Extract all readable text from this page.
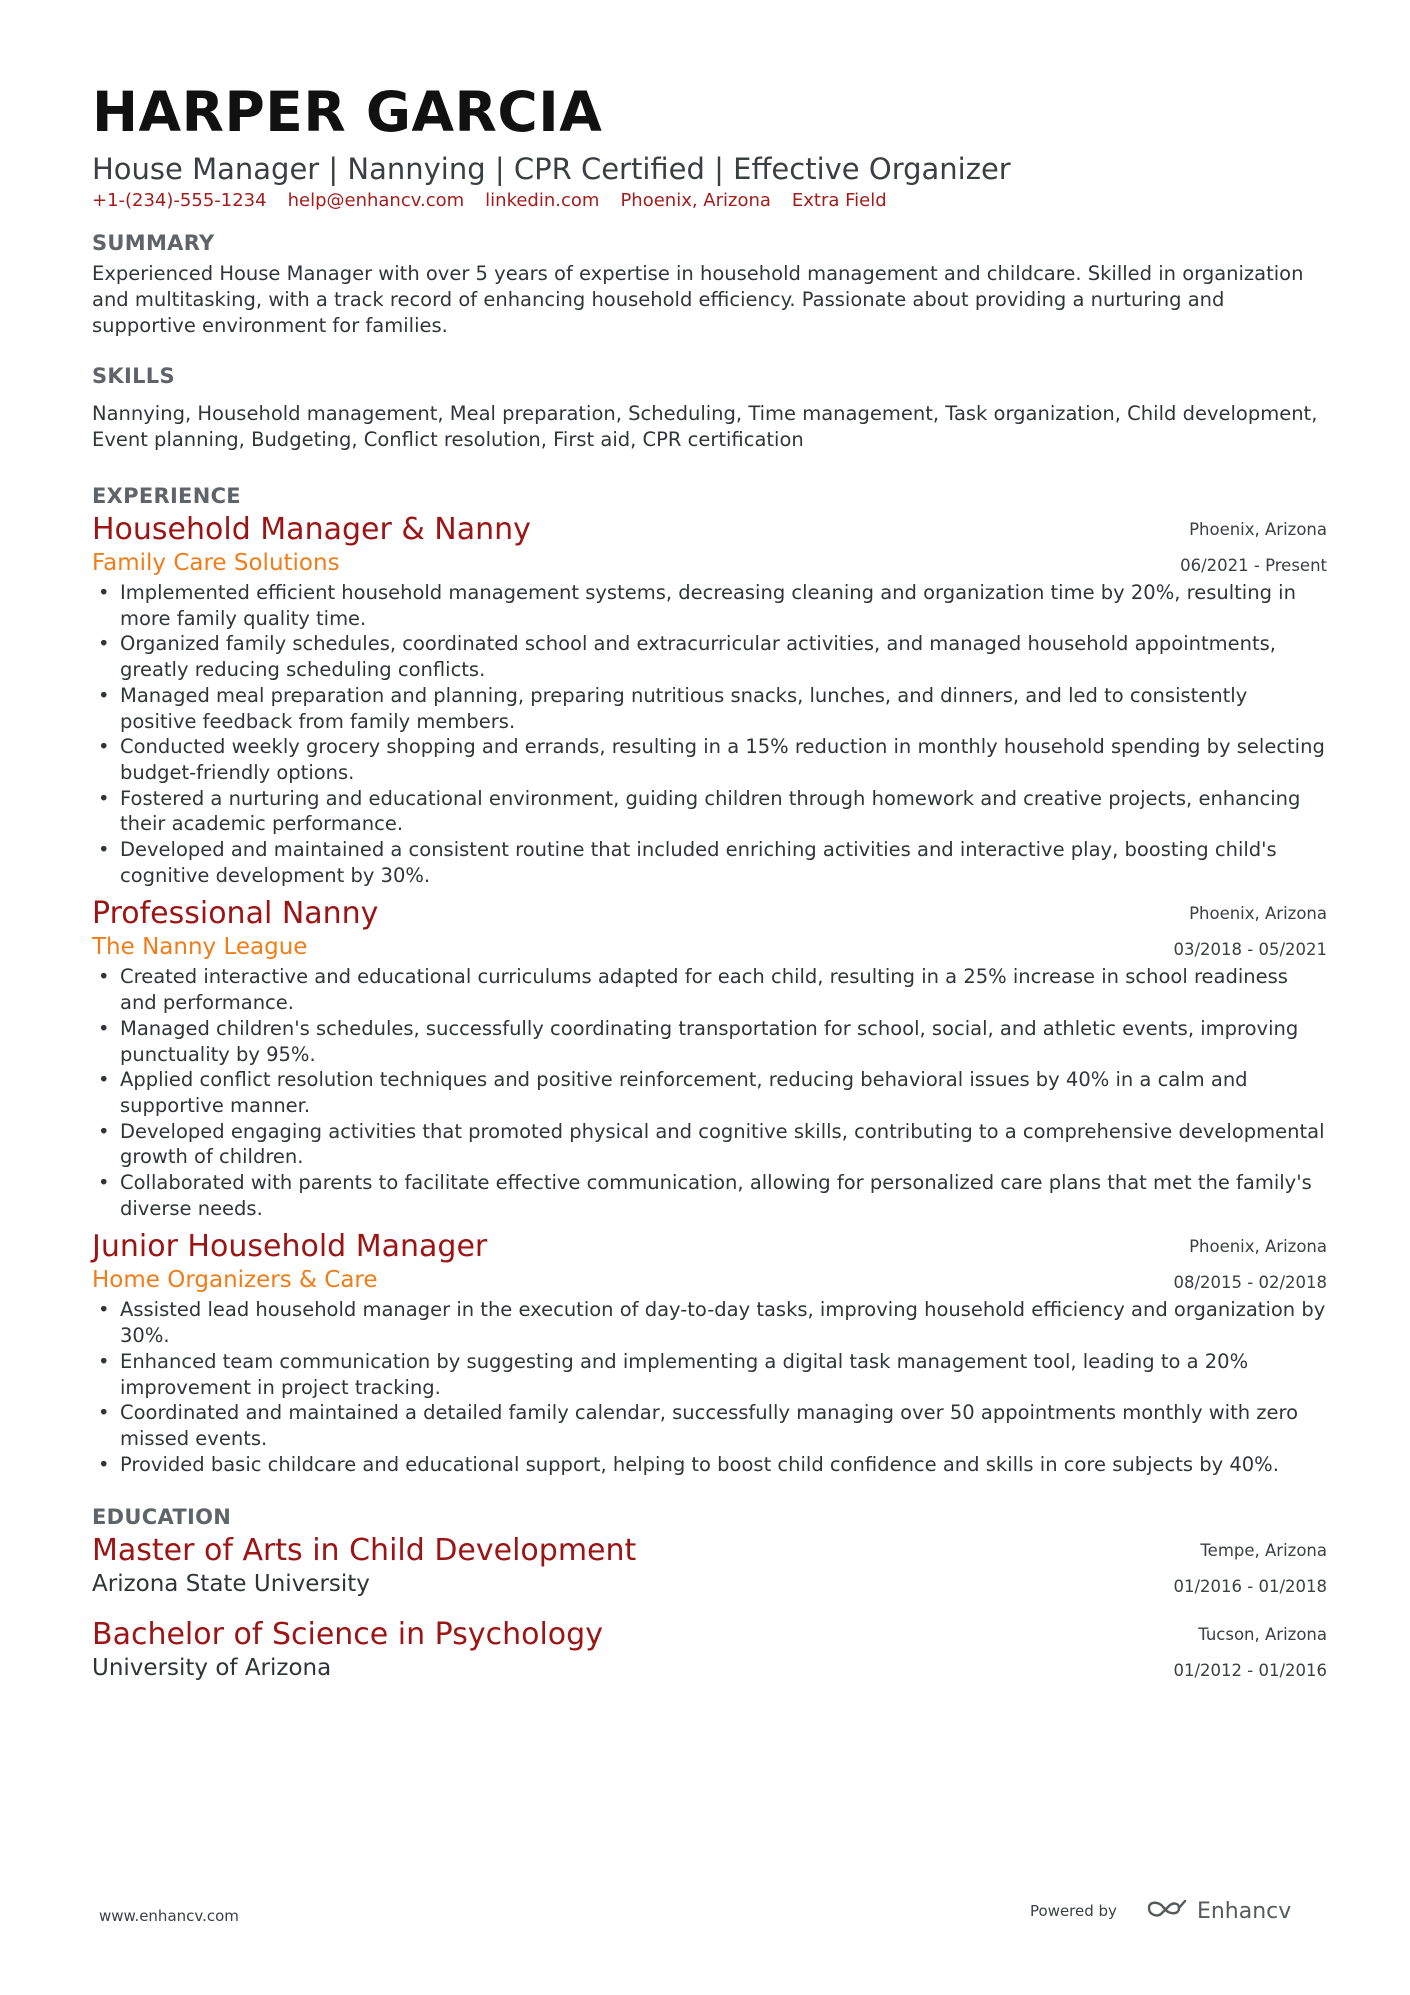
HARPER GARCIA
House Manager | Nannying | CPR Certified | Effective Organizer
+1-(234)-555-1234 help@enhancv.com linkedin.com Phoenix, Arizona Extra Field
SUMMARY
Experienced House Manager with over 5 years of expertise in household management and childcare. Skilled in organization and multitasking, with a track record of enhancing household efficiency. Passionate about providing a nurturing and supportive environment for families.
SKILLS
Nannying, Household management, Meal preparation, Scheduling, Time management, Task organization, Child development, Event planning, Budgeting, Conflict resolution, First aid, CPR certification
EXPERIENCE
Household Manager & Nanny
Family Care Solutions
Phoenix, Arizona
06/2021 - Present
• Implemented efficient household management systems, decreasing cleaning and organization time by 20%, resulting in more family quality time.
• Organized family schedules, coordinated school and extracurricular activities, and managed household appointments, greatly reducing scheduling conflicts.
• Managed meal preparation and planning, preparing nutritious snacks, lunches, and dinners, and led to consistently positive feedback from family members.
• Conducted weekly grocery shopping and errands, resulting in a 15% reduction in monthly household spending by selecting budget-friendly options.
• Fostered a nurturing and educational environment, guiding children through homework and creative projects, enhancing their academic performance.
• Developed and maintained a consistent routine that included enriching activities and interactive play, boosting child's cognitive development by 30%.
Professional Nanny
The Nanny League
Phoenix, Arizona
03/2018 - 05/2021
• Created interactive and educational curriculums adapted for each child, resulting in a 25% increase in school readiness and performance.
• Managed children's schedules, successfully coordinating transportation for school, social, and athletic events, improving punctuality by 95%.
• Applied conflict resolution techniques and positive reinforcement, reducing behavioral issues by 40% in a calm and supportive manner.
• Developed engaging activities that promoted physical and cognitive skills, contributing to a comprehensive developmental growth of children.
• Collaborated with parents to facilitate effective communication, allowing for personalized care plans that met the family's diverse needs.
Junior Household Manager
Home Organizers & Care
Phoenix, Arizona
08/2015 - 02/2018
• Assisted lead household manager in the execution of day-to-day tasks, improving household efficiency and organization by 30%.
• Enhanced team communication by suggesting and implementing a digital task management tool, leading to a 20% improvement in project tracking.
• Coordinated and maintained a detailed family calendar, successfully managing over 50 appointments monthly with zero missed events.
• Provided basic childcare and educational support, helping to boost child confidence and skills in core subjects by 40%.
EDUCATION
Master of Arts in Child Development
Arizona State University
Tempe, Arizona
01/2016 - 01/2018
Bachelor of Science in Psychology
University of Arizona
Tucson, Arizona
01/2012 - 01/2016
www.enhancv.com	Powered by	Enhancv
